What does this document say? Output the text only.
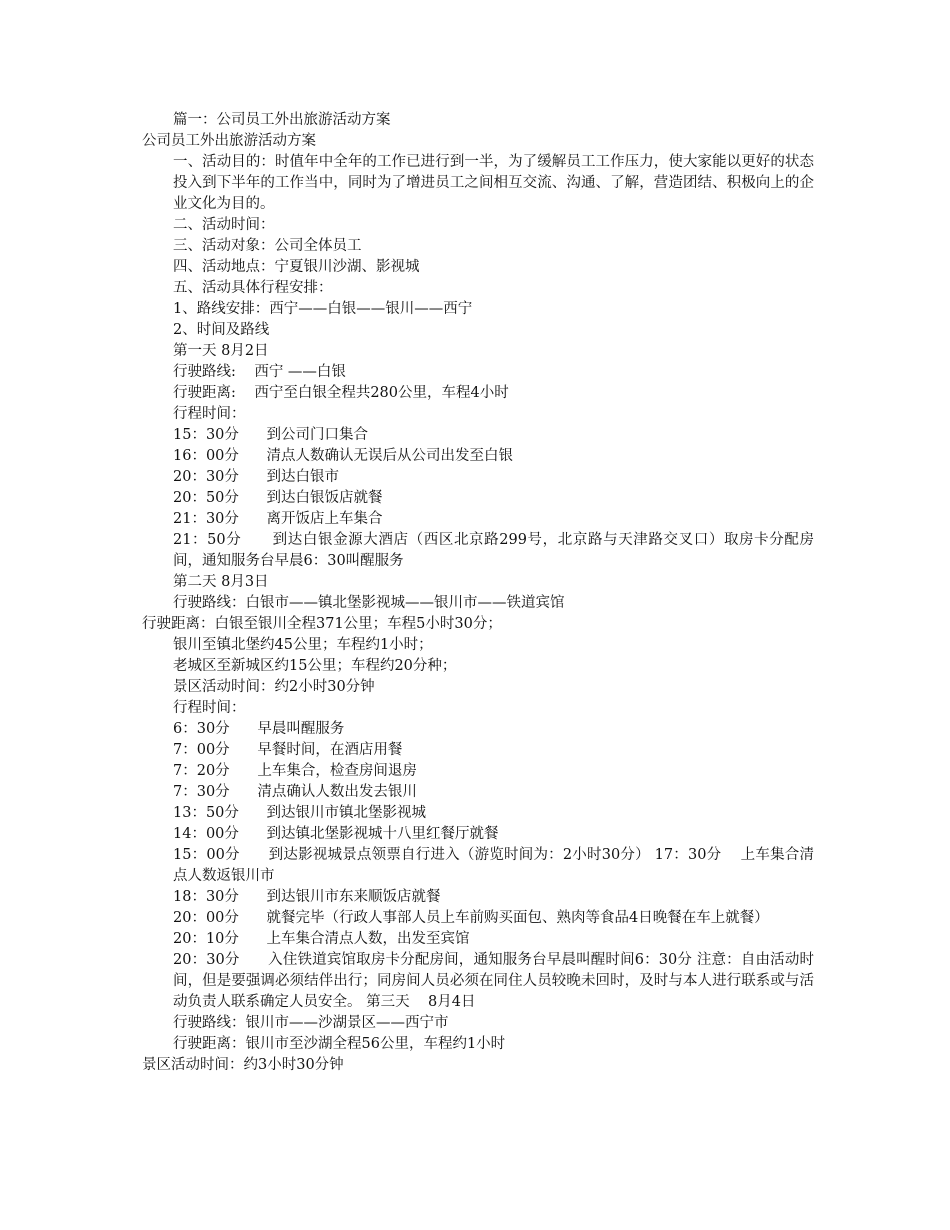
篇一：公司员工外出旅游活动方案

公司员工外出旅游活动方案

一、活动目的：时值年中全年的工作已进行到一半，为了缓解员工工作压力，使大家能以更好的状态投入到下半年的工作当中，同时为了增进员工之间相互交流、沟通、了解，营造团结、积极向上的企业文化为目的。

二、活动时间：

三、活动对象：公司全体员工

四、活动地点：宁夏银川沙湖、影视城

五、活动具体行程安排：

1、路线安排：西宁——白银——银川——西宁

2、时间及路线

第一天 8月2日

行驶路线:    西宁 ——白银

行驶距离:    西宁至白银全程共280公里，车程4小时

行程时间：

15：30分      到公司门口集合

16：00分      清点人数确认无误后从公司出发至白银

20：30分      到达白银市

20：50分      到达白银饭店就餐

21：30分      离开饭店上车集合

21：50分      到达白银金源大酒店（西区北京路299号，北京路与天津路交叉口）取房卡分配房间，通知服务台早晨6：30叫醒服务

第二天 8月3日

行驶路线：白银市——镇北堡影视城——银川市——铁道宾馆

行驶距离：白银至银川全程371公里；车程5小时30分；

银川至镇北堡约45公里；车程约1小时；

老城区至新城区约15公里；车程约20分种；

景区活动时间：约2小时30分钟

行程时间：

6：30分      早晨叫醒服务

7：00分      早餐时间，在酒店用餐

7：20分      上车集合，检查房间退房

7：30分      清点确认人数出发去银川

13：50分      到达银川市镇北堡影视城

14：00分      到达镇北堡影视城十八里红餐厅就餐

15：00分      到达影视城景点领票自行进入（游览时间为：2小时30分） 17：30分    上车集合清点人数返银川市

18：30分      到达银川市东来顺饭店就餐

20：00分      就餐完毕（行政人事部人员上车前购买面包、熟肉等食品4日晚餐在车上就餐）

20：10分      上车集合清点人数，出发至宾馆

20：30分      入住铁道宾馆取房卡分配房间，通知服务台早晨叫醒时间6：30分 注意：自由活动时间，但是要强调必须结伴出行；同房间人员必须在同住人员较晚未回时，及时与本人进行联系或与活动负责人联系确定人员安全。 第三天    8月4日

行驶路线：银川市——沙湖景区——西宁市

行驶距离：银川市至沙湖全程56公里，车程约1小时

景区活动时间：约3小时30分钟
